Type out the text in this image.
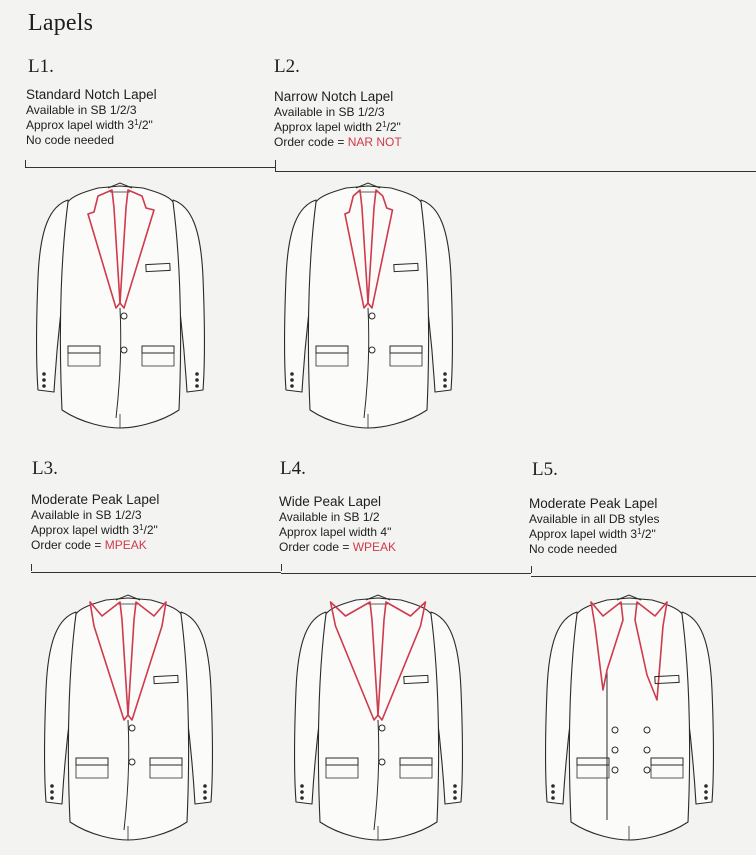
Lapels
L1.	L2.
Standard Notch Lapel
Available in SB 1/2/3
Approx lapel width $3^1/2$"
No code needed
Narrow Notch Lapel
Available in SB 1/2/3
Approx lapel width $2^1/2$"
Order code = NAR NOT
L3.	L4.	L5.
Moderate Peak Lapel
Available in SB 1/2/3
Approx lapel width $3^1/2$"
Order code = MPEAK
Wide Peak Lapel
Available in SB 1/2
Approx lapel width 4"
Order code = WPEAK
Moderate Peak Lapel
Available in all DB styles
Approx lapel width $3^1/2$"
No code needed
